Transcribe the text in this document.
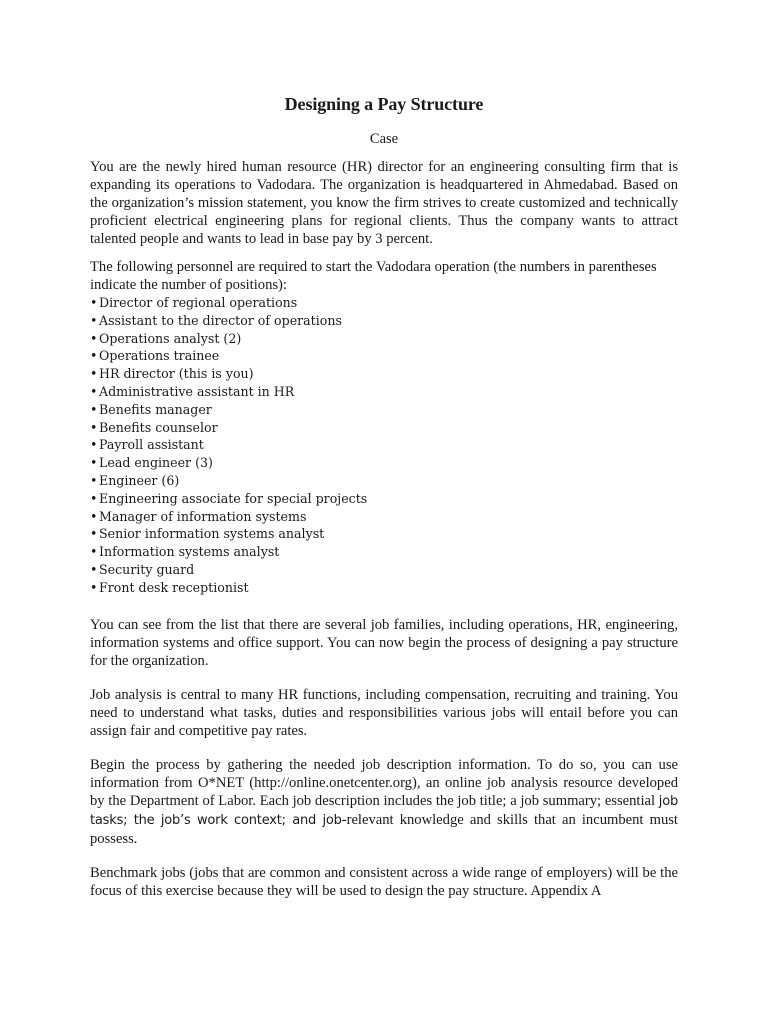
Designing a Pay Structure
Case

You are the newly hired human resource (HR) director for an engineering consulting firm that is expanding its operations to Vadodara. The organization is headquartered in Ahmedabad. Based on the organization’s mission statement, you know the firm strives to create customized and technically proficient electrical engineering plans for regional clients. Thus the company wants to attract talented people and wants to lead in base pay by 3 percent.

The following personnel are required to start the Vadodara operation (the numbers in parentheses indicate the number of positions):

• Director of regional operations
• Assistant to the director of operations
• Operations analyst (2)
• Operations trainee
• HR director (this is you)
• Administrative assistant in HR
• Benefits manager
• Benefits counselor
• Payroll assistant
• Lead engineer (3)
• Engineer (6)
• Engineering associate for special projects
• Manager of information systems
• Senior information systems analyst
• Information systems analyst
• Security guard
• Front desk receptionist

You can see from the list that there are several job families, including operations, HR, engineering, information systems and office support. You can now begin the process of designing a pay structure for the organization.

Job analysis is central to many HR functions, including compensation, recruiting and training. You need to understand what tasks, duties and responsibilities various jobs will entail before you can assign fair and competitive pay rates.

Begin the process by gathering the needed job description information. To do so, you can use information from O*NET (http://online.onetcenter.org), an online job analysis resource developed by the Department of Labor. Each job description includes the job title; a job summary; essential job tasks; the job’s work context; and job-relevant knowledge and skills that an incumbent must possess.

Benchmark jobs (jobs that are common and consistent across a wide range of employers) will be the focus of this exercise because they will be used to design the pay structure. Appendix A
